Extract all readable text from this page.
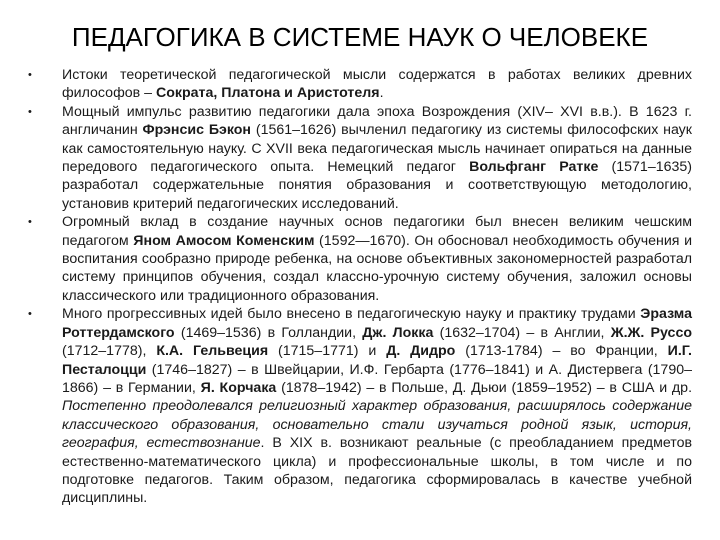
ПЕДАГОГИКА В СИСТЕМЕ НАУК О ЧЕЛОВЕКЕ
• Истоки теоретической педагогической мысли содержатся в работах великих древних философов – Сократа, Платона и Аристотеля.
• Мощный импульс развитию педагогики дала эпоха Возрождения (XIV– XVI в.в.). В 1623 г. англичанин Фрэнсис Бэкон (1561–1626) вычленил педагогику из системы философских наук как самостоятельную науку. С XVII века педагогическая мысль начинает опираться на данные передового педагогического опыта. Немецкий педагог Вольфганг Ратке (1571–1635) разработал содержательные понятия образования и соответствующую методологию, установив критерий педагогических исследований.
• Огромный вклад в создание научных основ педагогики был внесен великим чешским педагогом Яном Амосом Коменским (1592—1670). Он обосновал необходимость обучения и воспитания сообразно природе ребенка, на основе объективных закономерностей разработал систему принципов обучения, создал классно-урочную систему обучения, заложил основы классического или традиционного образования.
• Много прогрессивных идей было внесено в педагогическую науку и практику трудами Эразма Роттердамского (1469–1536) в Голландии, Дж. Локка (1632–1704) – в Англии, Ж.Ж. Руссо (1712–1778), К.А. Гельвеция (1715–1771) и Д. Дидро (1713-1784) – во Франции, И.Г. Песталоцци (1746–1827) – в Швейцарии, И.Ф. Гербарта (1776–1841) и А. Дистервега (1790–1866) – в Германии, Я. Корчака (1878–1942) – в Польше, Д. Дьюи (1859–1952) – в США и др. Постепенно преодолевался религиозный характер образования, расширялось содержание классического образования, основательно стали изучаться родной язык, история, география, естествознание. В XIX в. возникают реальные (с преобладанием предметов естественно-математического цикла) и профессиональные школы, в том числе и по подготовке педагогов. Таким образом, педагогика сформировалась в качестве учебной дисциплины.
